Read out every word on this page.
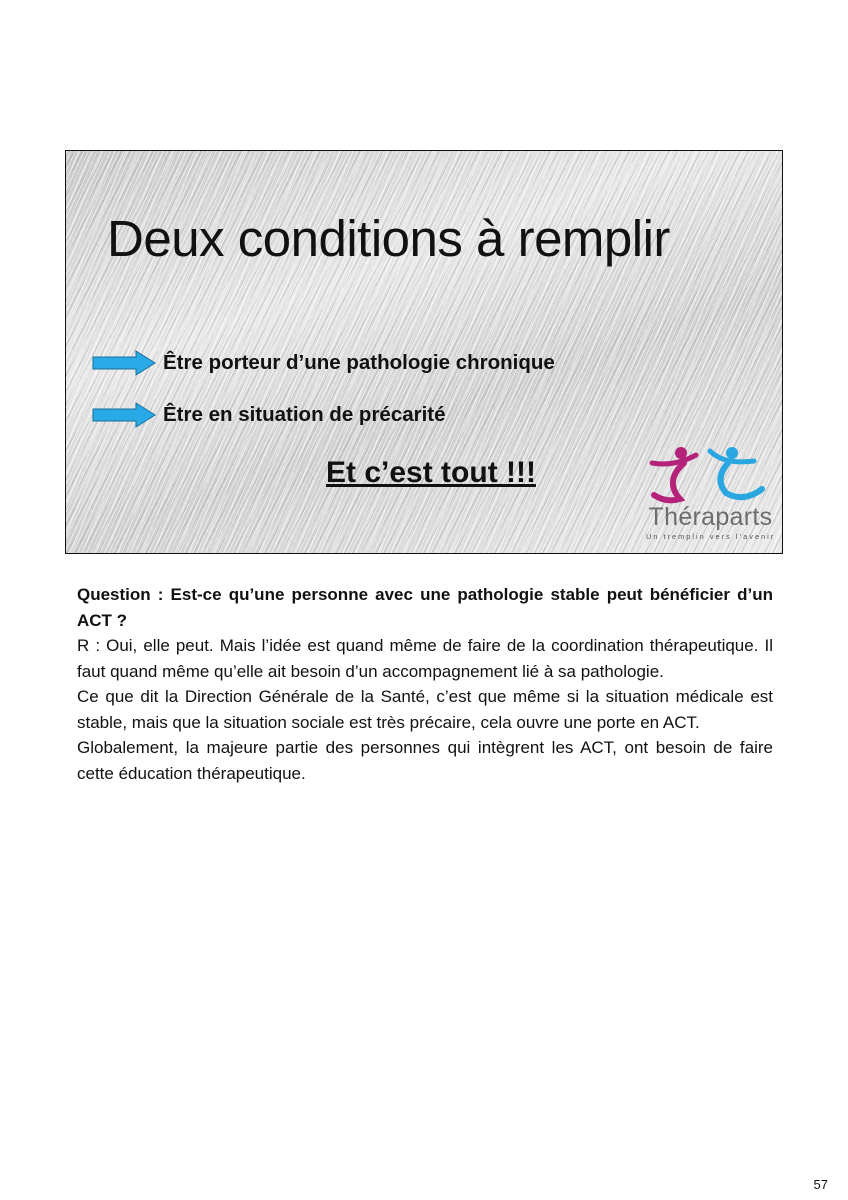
Deux conditions à remplir
Être porteur d’une pathologie chronique
Être en situation de précarité
Et c’est tout !!!
Théraparts
Un tremplin vers l’avenir

Question : Est-ce qu’une personne avec une pathologie stable peut bénéficier d’un ACT ?

R : Oui, elle peut. Mais l’idée est quand même de faire de la coordination thérapeutique. Il faut quand même qu’elle ait besoin d’un accompagnement lié à sa pathologie.

Ce que dit la Direction Générale de la Santé, c’est que même si la situation médicale est stable, mais que la situation sociale est très précaire, cela ouvre une porte en ACT.

Globalement, la majeure partie des personnes qui intègrent les ACT, ont besoin de faire cette éducation thérapeutique.

57
